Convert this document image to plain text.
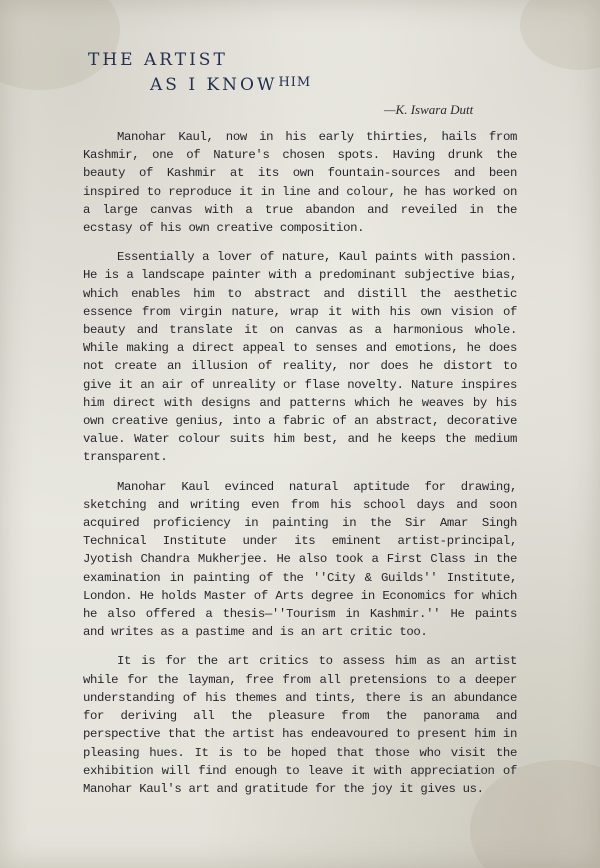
THE ARTIST
AS I $KNOW^{HIM}$
—K. Iswara Dutt

Manohar Kaul, now in his early thirties, hails from Kashmir, one of Nature's chosen spots. Having drunk the beauty of Kashmir at its own fountain-sources and been inspired to reproduce it in line and colour, he has worked on a large canvas with a true abandon and reveiled in the ecstasy of his own creative composition.

Essentially a lover of nature, Kaul paints with passion. He is a landscape painter with a predominant subjective bias, which enables him to abstract and distill the aesthetic essence from virgin nature, wrap it with his own vision of beauty and translate it on canvas as a harmonious whole. While making a direct appeal to senses and emotions, he does not create an illusion of reality, nor does he distort to give it an air of unreality or flase novelty. Nature inspires him direct with designs and patterns which he weaves by his own creative genius, into a fabric of an abstract, decorative value. Water colour suits him best, and he keeps the medium transparent.

Manohar Kaul evinced natural aptitude for drawing, sketching and writing even from his school days and soon acquired proficiency in painting in the Sir Amar Singh Technical Institute under its eminent artist-principal, Jyotish Chandra Mukherjee. He also took a First Class in the examination in painting of the ''City & Guilds'' Institute, London. He holds Master of Arts degree in Economics for which he also offered a thesis—''Tourism in Kashmir.'' He paints and writes as a pastime and is an art critic too.

It is for the art critics to assess him as an artist while for the layman, free from all pretensions to a deeper understanding of his themes and tints, there is an abundance for deriving all the pleasure from the panorama and perspective that the artist has endeavoured to present him in pleasing hues. It is to be hoped that those who visit the exhibition will find enough to leave it with appreciation of Manohar Kaul's art and gratitude for the joy it gives us.
